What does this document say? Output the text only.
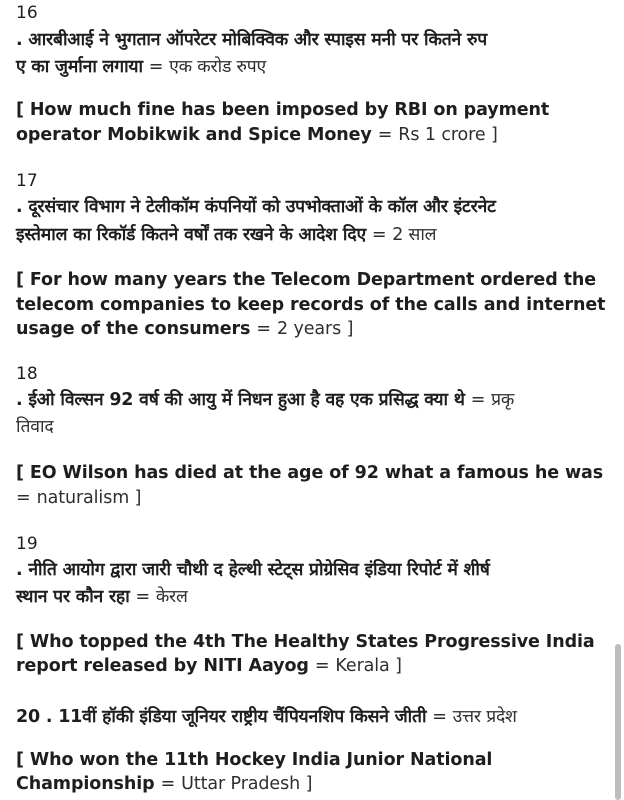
16
. आरबीआई ने भुगतान ऑपरेटर मोबिक्विक और स्पाइस मनी पर कितने रुप
ए का जुर्माना लगाया = एक करोड रुपए
[ How much fine has been imposed by RBI on payment
operator Mobikwik and Spice Money = Rs 1 crore ]
17
. दूरसंचार विभाग ने टेलीकॉम कंपनियों को उपभोक्ताओं के कॉल और इंटरनेट
इस्तेमाल का रिकॉर्ड कितने वर्षों तक रखने के आदेश दिए = 2 साल
[ For how many years the Telecom Department ordered the
telecom companies to keep records of the calls and internet
usage of the consumers = 2 years ]
18
. ईओ विल्सन 92 वर्ष की आयु में निधन हुआ है वह एक प्रसिद्ध क्या थे = प्रकृ
तिवाद
[ EO Wilson has died at the age of 92 what a famous he was
= naturalism ]
19
. नीति आयोग द्वारा जारी चौथी द हेल्थी स्टेट्स प्रोग्रेसिव इंडिया रिपोर्ट में शीर्ष
स्थान पर कौन रहा = केरल
[ Who topped the 4th The Healthy States Progressive India
report released by NITI Aayog = Kerala ]
20 . 11वीं हॉकी इंडिया जूनियर राष्ट्रीय चैंपियनशिप किसने जीती = उत्तर प्रदेश
[ Who won the 11th Hockey India Junior National
Championship = Uttar Pradesh ]
